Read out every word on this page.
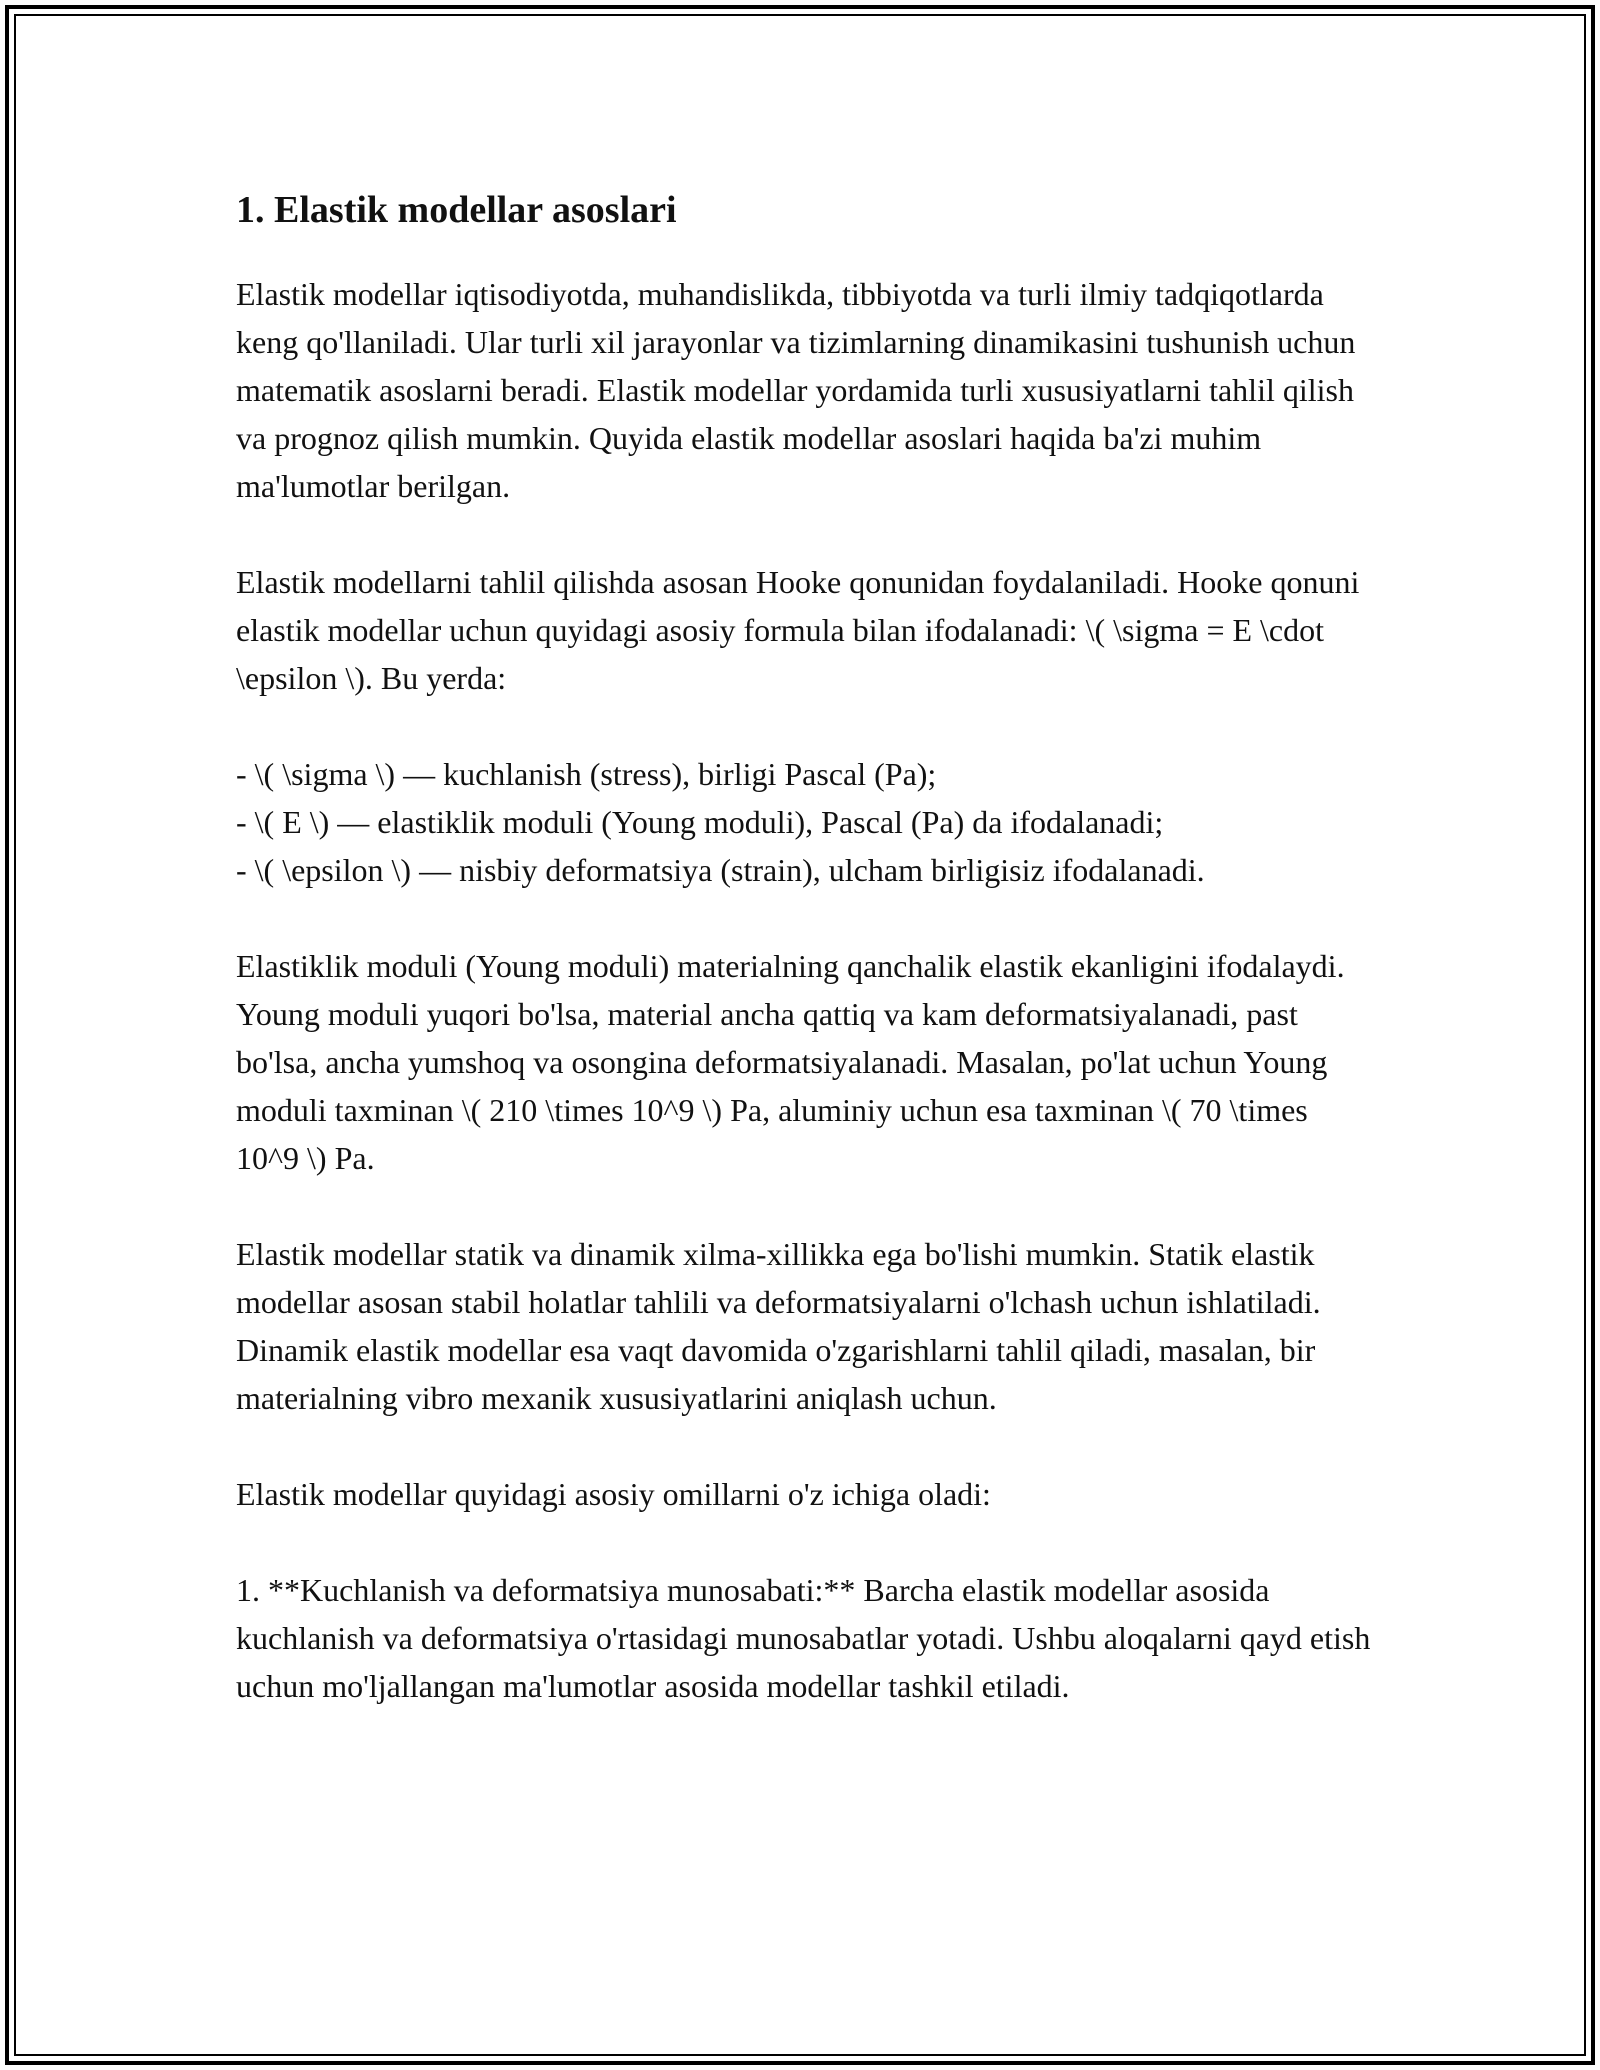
1. Elastik modellar asoslari

Elastik modellar iqtisodiyotda, muhandislikda, tibbiyotda va turli ilmiy tadqiqotlarda keng qo'llaniladi. Ular turli xil jarayonlar va tizimlarning dinamikasini tushunish uchun matematik asoslarni beradi. Elastik modellar yordamida turli xususiyatlarni tahlil qilish va prognoz qilish mumkin. Quyida elastik modellar asoslari haqida ba'zi muhim ma'lumotlar berilgan.

Elastik modellarni tahlil qilishda asosan Hooke qonunidan foydalaniladi. Hooke qonuni elastik modellar uchun quyidagi asosiy formula bilan ifodalanadi: \( \sigma = E \cdot \epsilon \). Bu yerda:

- \( \sigma \) — kuchlanish (stress), birligi Pascal (Pa);
- \( E \) — elastiklik moduli (Young moduli), Pascal (Pa) da ifodalanadi;
- \( \epsilon \) — nisbiy deformatsiya (strain), ulcham birligisiz ifodalanadi.

Elastiklik moduli (Young moduli) materialning qanchalik elastik ekanligini ifodalaydi. Young moduli yuqori bo'lsa, material ancha qattiq va kam deformatsiyalanadi, past bo'lsa, ancha yumshoq va osongina deformatsiyalanadi. Masalan, po'lat uchun Young moduli taxminan \( 210 \times 10^9 \) Pa, aluminiy uchun esa taxminan \( 70 \times 10^9 \) Pa.

Elastik modellar statik va dinamik xilma-xillikka ega bo'lishi mumkin. Statik elastik modellar asosan stabil holatlar tahlili va deformatsiyalarni o'lchash uchun ishlatiladi. Dinamik elastik modellar esa vaqt davomida o'zgarishlarni tahlil qiladi, masalan, bir materialning vibro mexanik xususiyatlarini aniqlash uchun.

Elastik modellar quyidagi asosiy omillarni o'z ichiga oladi:

1. **Kuchlanish va deformatsiya munosabati:** Barcha elastik modellar asosida kuchlanish va deformatsiya o'rtasidagi munosabatlar yotadi. Ushbu aloqalarni qayd etish uchun mo'ljallangan ma'lumotlar asosida modellar tashkil etiladi.
